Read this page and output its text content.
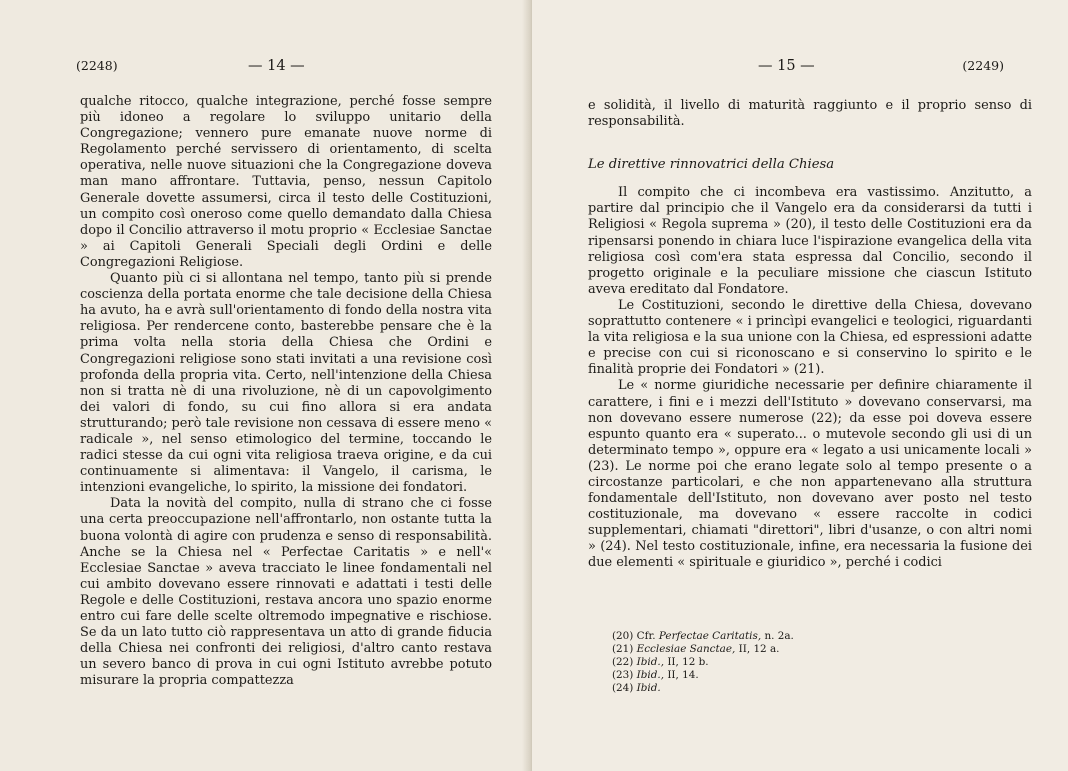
(2248)	— 14 —

qualche ritocco, qualche integrazione, perché fosse sempre più idoneo a regolare lo sviluppo unitario della Congregazione; vennero pure emanate nuove norme di Regolamento perché servissero di orientamento, di scelta operativa, nelle nuove situazioni che la Congregazione doveva man mano affrontare. Tuttavia, penso, nessun Capitolo Generale dovette assumersi, circa il testo delle Costituzioni, un compito così oneroso come quello demandato dalla Chiesa dopo il Concilio attraverso il motu proprio « Ecclesiae Sanctae » ai Capitoli Generali Speciali degli Ordini e delle Congregazioni Religiose.

Quanto più ci si allontana nel tempo, tanto più si prende coscienza della portata enorme che tale decisione della Chiesa ha avuto, ha e avrà sull'orientamento di fondo della nostra vita religiosa. Per rendercene conto, basterebbe pensare che è la prima volta nella storia della Chiesa che Ordini e Congregazioni religiose sono stati invitati a una revisione così profonda della propria vita. Certo, nell'intenzione della Chiesa non si tratta nè di una rivoluzione, nè di un capovolgimento dei valori di fondo, su cui fino allora si era andata strutturando; però tale revisione non cessava di essere meno « radicale », nel senso etimologico del termine, toccando le radici stesse da cui ogni vita religiosa traeva origine, e da cui continuamente si alimentava: il Vangelo, il carisma, le intenzioni evangeliche, lo spirito, la missione dei fondatori.

Data la novità del compito, nulla di strano che ci fosse una certa preoccupazione nell'affrontarlo, non ostante tutta la buona volontà di agire con prudenza e senso di responsabilità. Anche se la Chiesa nel « Perfectae Caritatis » e nell'« Ecclesiae Sanctae » aveva tracciato le linee fondamentali nel cui ambito dovevano essere rinnovati e adattati i testi delle Regole e delle Costituzioni, restava ancora uno spazio enorme entro cui fare delle scelte oltremodo impegnative e rischiose. Se da un lato tutto ciò rappresentava un atto di grande fiducia della Chiesa nei confronti dei religiosi, d'altro canto restava un severo banco di prova in cui ogni Istituto avrebbe potuto misurare la propria compattezza

— 15 —	(2249)

e solidità, il livello di maturità raggiunto e il proprio senso di responsabilità.

Le direttive rinnovatrici della Chiesa

Il compito che ci incombeva era vastissimo. Anzitutto, a partire dal principio che il Vangelo era da considerarsi da tutti i Religiosi « Regola suprema » (20), il testo delle Costituzioni era da ripensarsi ponendo in chiara luce l'ispirazione evangelica della vita religiosa così com'era stata espressa dal Concilio, secondo il progetto originale e la peculiare missione che ciascun Istituto aveva ereditato dal Fondatore.

Le Costituzioni, secondo le direttive della Chiesa, dovevano soprattutto contenere « i princìpi evangelici e teologici, riguardanti la vita religiosa e la sua unione con la Chiesa, ed espressioni adatte e precise con cui si riconoscano e si conservino lo spirito e le finalità proprie dei Fondatori » (21).

Le « norme giuridiche necessarie per definire chiaramente il carattere, i fini e i mezzi dell'Istituto » dovevano conservarsi, ma non dovevano essere numerose (22); da esse poi doveva essere espunto quanto era « superato... o mutevole secondo gli usi di un determinato tempo », oppure era « legato a usi unicamente locali » (23). Le norme poi che erano legate solo al tempo presente o a circostanze particolari, e che non appartenevano alla struttura fondamentale dell'Istituto, non dovevano aver posto nel testo costituzionale, ma dovevano « essere raccolte in codici supplementari, chiamati "direttori", libri d'usanze, o con altri nomi » (24). Nel testo costituzionale, infine, era necessaria la fusione dei due elementi « spirituale e giuridico », perché i codici

(20) Cfr. Perfectae Caritatis, n. 2a.
(21) Ecclesiae Sanctae, II, 12 a.
(22) Ibid., II, 12 b.
(23) Ibid., II, 14.
(24) Ibid.
